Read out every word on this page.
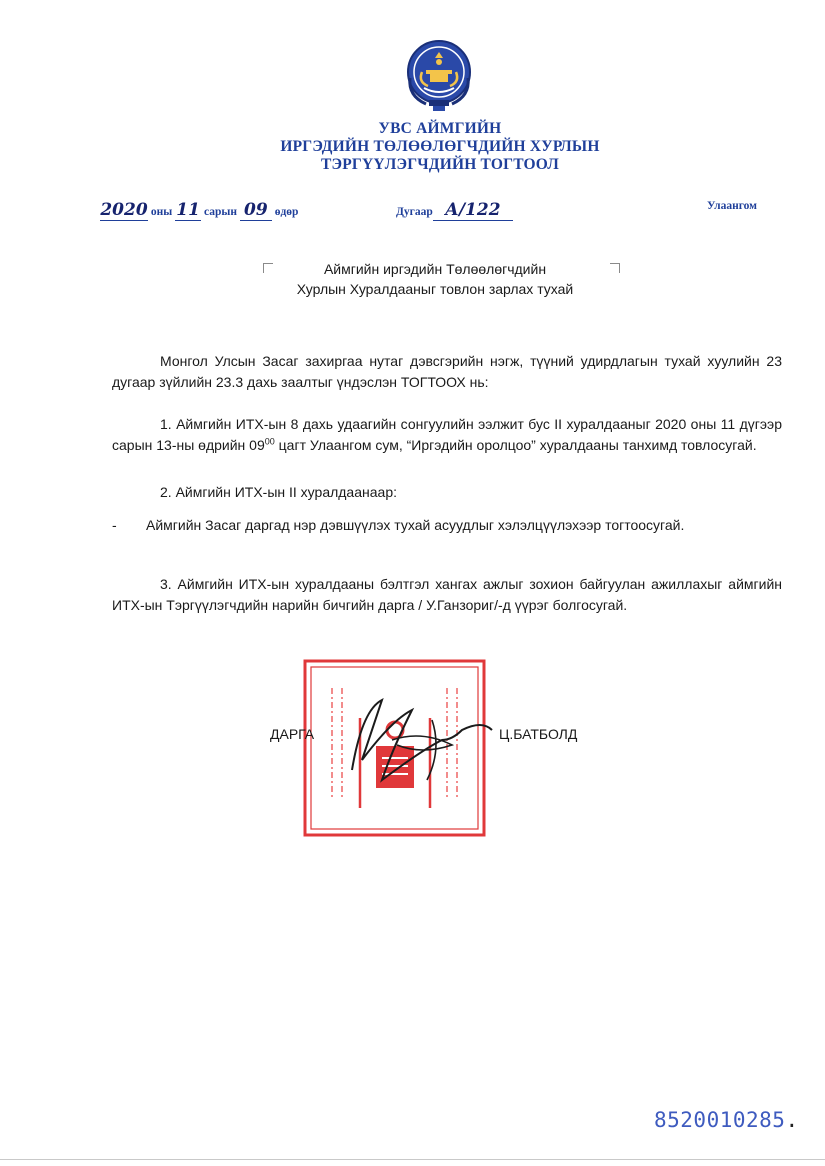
УВС АЙМГИЙН
ИРГЭДИЙН ТӨЛӨӨЛӨГЧДИЙН ХУРЛЫН
ТЭРГҮҮЛЭГЧДИЙН ТОГТООЛ
2020 оны 11 сарын 09 өдөр	Дугаар А/122	Улаангом
Аймгийн иргэдийн Төлөөлөгчдийн
Хурлын Хуралдааныг товлон зарлах тухай

Монгол Улсын Засаг захиргаа нутаг дэвсгэрийн нэгж, түүний удирдлагын тухай хуулийн 23 дугаар зүйлийн 23.3 дахь заалтыг үндэслэн ТОГТООХ нь:

1. Аймгийн ИТХ-ын 8 дахь удаагийн сонгуулийн ээлжит бус II хуралдааныг 2020 оны 11 дүгээр сарын 13-ны өдрийн $09^{00}$ цагт Улаангом сум, “Иргэдийн оролцоо” хуралдааны танхимд товлосугай.

2. Аймгийн ИТХ-ын II хуралдаанаар:

- Аймгийн Засаг даргад нэр дэвшүүлэх тухай асуудлыг хэлэлцүүлэхээр тогтоосугай.

3. Аймгийн ИТХ-ын хуралдааны бэлтгэл хангах ажлыг зохион байгуулан ажиллахыг аймгийн ИТХ-ын Тэргүүлэгчдийн нарийн бичгийн дарга / У.Ганзориг/-д үүрэг болгосугай.

ДАРГА	Ц.БАТБОЛД
8520010285.
